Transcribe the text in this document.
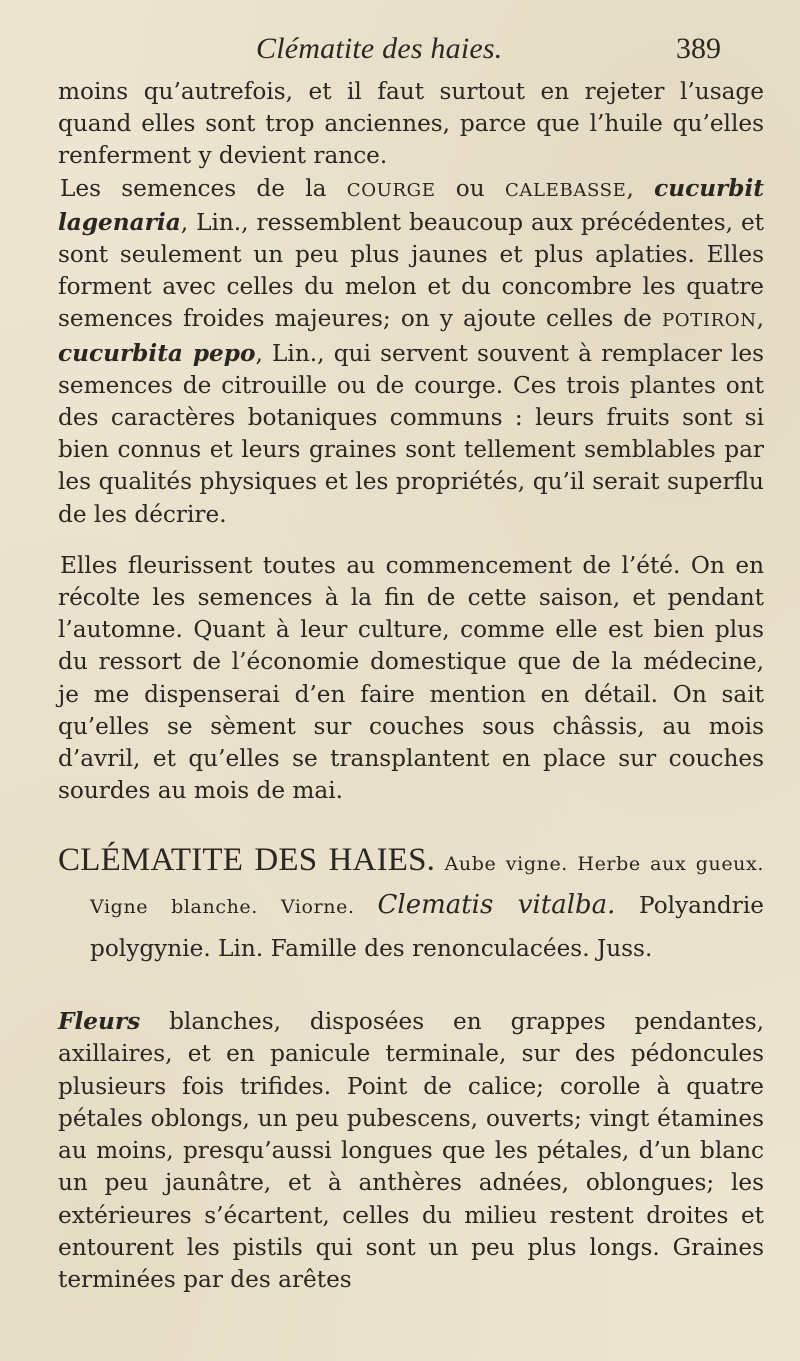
Clématite des haies.	389

moins qu’autrefois, et il faut surtout en rejeter l’usage quand elles sont trop anciennes, parce que l’huile qu’elles renferment y devient rance.

Les semences de la COURGE ou CALEBASSE, cucurbit lagenaria, Lin., ressemblent beaucoup aux précédentes, et sont seulement un peu plus jaunes et plus aplaties. Elles forment avec celles du melon et du concombre les quatre semences froides majeures; on y ajoute celles de POTIRON, cucurbita pepo, Lin., qui servent souvent à remplacer les semences de citrouille ou de courge. Ces trois plantes ont des caractères botaniques communs : leurs fruits sont si bien connus et leurs graines sont tellement semblables par les qualités physiques et les propriétés, qu’il serait superflu de les décrire.

Elles fleurissent toutes au commencement de l’été. On en récolte les semences à la fin de cette saison, et pendant l’automne. Quant à leur culture, comme elle est bien plus du ressort de l’économie domestique que de la médecine, je me dispenserai d’en faire mention en détail. On sait qu’elles se sèment sur couches sous châssis, au mois d’avril, et qu’elles se transplantent en place sur couches sourdes au mois de mai.

CLÉMATITE DES HAIES. Aube vigne. Herbe aux gueux. Vigne blanche. Viorne. Clematis vitalba. Polyandrie polygynie. Lin. Famille des renonculacées. Juss.

Fleurs blanches, disposées en grappes pendantes, axillaires, et en panicule terminale, sur des pédoncules plusieurs fois trifides. Point de calice; corolle à quatre pétales oblongs, un peu pubescens, ouverts; vingt étamines au moins, presqu’aussi longues que les pétales, d’un blanc un peu jaunâtre, et à anthères adnées, oblongues; les extérieures s’écartent, celles du milieu restent droites et entourent les pistils qui sont un peu plus longs. Graines terminées par des arêtes
